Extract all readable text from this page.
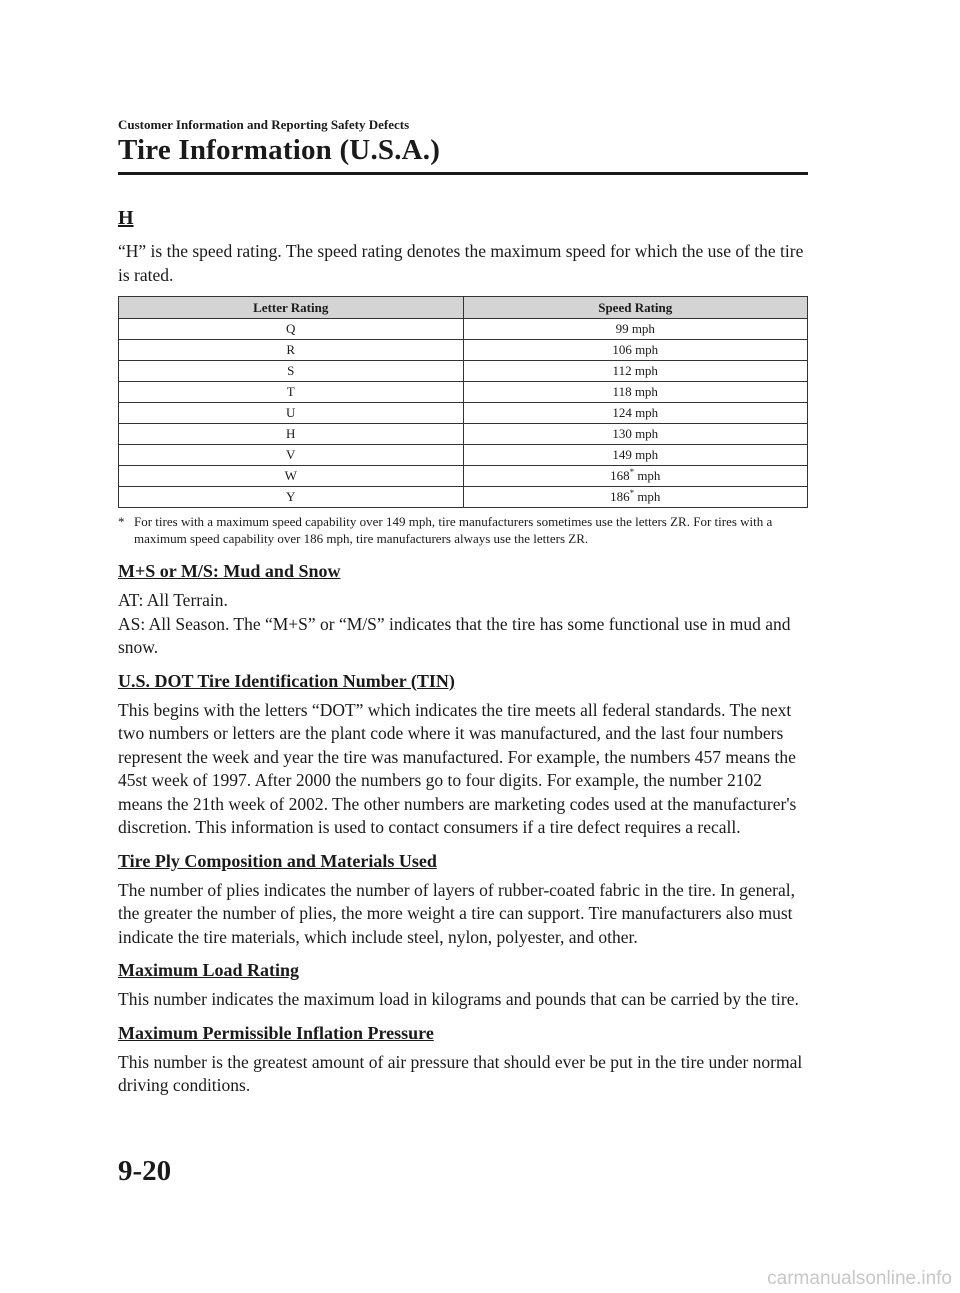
Customer Information and Reporting Safety Defects
Tire Information (U.S.A.)
H

“H” is the speed rating. The speed rating denotes the maximum speed for which the use of the tire is rated.

Letter Rating	Speed Rating
Q	99 mph
R	106 mph
S	112 mph
T	118 mph
U	124 mph
H	130 mph
V	149 mph
W	168* mph
Y	186* mph
* For tires with a maximum speed capability over 149 mph, tire manufacturers sometimes use the letters ZR. For tires with a maximum speed capability over 186 mph, tire manufacturers always use the letters ZR.
M+S or M/S: Mud and Snow

AT: All Terrain.

AS: All Season. The “M+S” or “M/S” indicates that the tire has some functional use in mud and snow.

U.S. DOT Tire Identification Number (TIN)

This begins with the letters “DOT” which indicates the tire meets all federal standards. The next two numbers or letters are the plant code where it was manufactured, and the last four numbers represent the week and year the tire was manufactured. For example, the numbers 457 means the 45st week of 1997. After 2000 the numbers go to four digits. For example, the number 2102 means the 21th week of 2002. The other numbers are marketing codes used at the manufacturer's discretion. This information is used to contact consumers if a tire defect requires a recall.

Tire Ply Composition and Materials Used

The number of plies indicates the number of layers of rubber-coated fabric in the tire. In general, the greater the number of plies, the more weight a tire can support. Tire manufacturers also must indicate the tire materials, which include steel, nylon, polyester, and other.

Maximum Load Rating

This number indicates the maximum load in kilograms and pounds that can be carried by the tire.

Maximum Permissible Inflation Pressure

This number is the greatest amount of air pressure that should ever be put in the tire under normal driving conditions.

9-20
carmanualsonline.info
